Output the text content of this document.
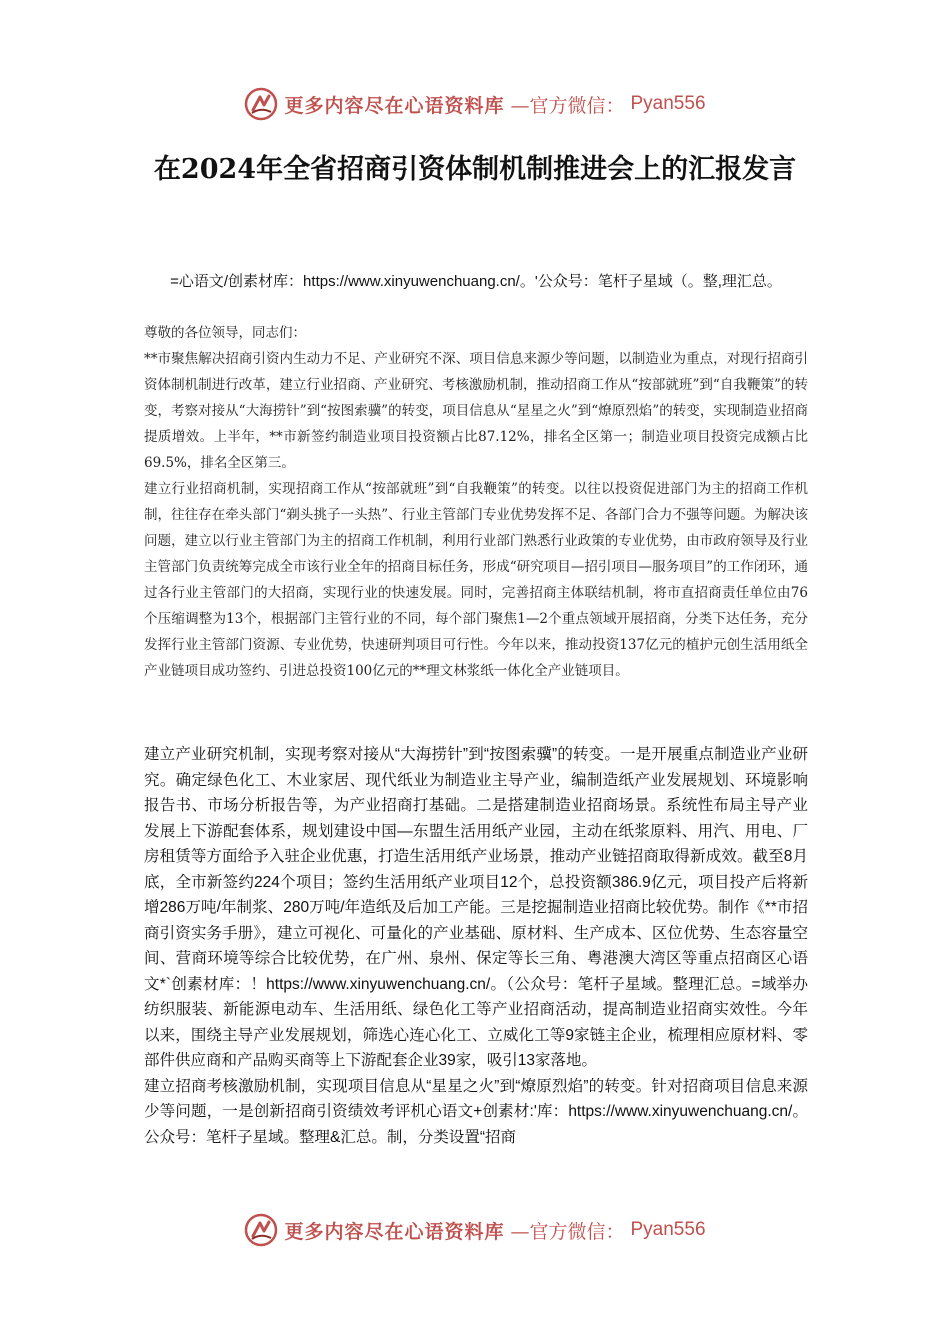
更多内容尽在心语资料库 —官方微信： Pyan556
在2024年全省招商引资体制机制推进会上的汇报发言

=心语文/创素材库：https://www.xinyuwenchuang.cn/。'公众号：笔杆子星域（。整,理汇总。

尊敬的各位领导，同志们：

**市聚焦解决招商引资内生动力不足、产业研究不深、项目信息来源少等问题，以制造业为重点，对现行招商引资体制机制进行改革，建立行业招商、产业研究、考核激励机制，推动招商工作从“按部就班”到“自我鞭策”的转变，考察对接从“大海捞针”到“按图索骥”的转变，项目信息从“星星之火”到“燎原烈焰”的转变，实现制造业招商提质增效。上半年，**市新签约制造业项目投资额占比87.12%，排名全区第一；制造业项目投资完成额占比69.5%，排名全区第三。

建立行业招商机制，实现招商工作从“按部就班”到“自我鞭策”的转变。以往以投资促进部门为主的招商工作机制，往往存在牵头部门“剃头挑子一头热”、行业主管部门专业优势发挥不足、各部门合力不强等问题。为解决该问题，建立以行业主管部门为主的招商工作机制，利用行业部门熟悉行业政策的专业优势，由市政府领导及行业主管部门负责统筹完成全市该行业全年的招商目标任务，形成“研究项目—招引项目—服务项目”的工作闭环，通过各行业主管部门的大招商，实现行业的快速发展。同时，完善招商主体联结机制，将市直招商责任单位由76个压缩调整为13个，根据部门主管行业的不同，每个部门聚焦1—2个重点领域开展招商，分类下达任务，充分发挥行业主管部门资源、专业优势，快速研判项目可行性。今年以来，推动投资137亿元的植护元创生活用纸全产业链项目成功签约、引进总投资100亿元的**理文林浆纸一体化全产业链项目。

建立产业研究机制，实现考察对接从“大海捞针”到“按图索骥”的转变。一是开展重点制造业产业研究。确定绿色化工、木业家居、现代纸业为制造业主导产业，编制造纸产业发展规划、环境影响报告书、市场分析报告等，为产业招商打基础。二是搭建制造业招商场景。系统性布局主导产业发展上下游配套体系，规划建设中国—东盟生活用纸产业园，主动在纸浆原料、用汽、用电、厂房租赁等方面给予入驻企业优惠，打造生活用纸产业场景，推动产业链招商取得新成效。截至8月底，全市新签约224个项目；签约生活用纸产业项目12个，总投资额386.9亿元，项目投产后将新增286万吨/年制浆、280万吨/年造纸及后加工产能。三是挖掘制造业招商比较优势。制作《**市招商引资实务手册》，建立可视化、可量化的产业基础、原材料、生产成本、区位优势、生态容量空间、营商环境等综合比较优势，在广州、泉州、保定等长三角、粤港澳大湾区等重点招商区心语文*`创素材库：！https://www.xinyuwenchuang.cn/。（公众号：笔杆子星域。整理汇总。=域举办纺织服装、新能源电动车、生活用纸、绿色化工等产业招商活动，提高制造业招商实效性。今年以来，围绕主导产业发展规划，筛选心连心化工、立威化工等9家链主企业，梳理相应原材料、零部件供应商和产品购买商等上下游配套企业39家，吸引13家落地。

建立招商考核激励机制，实现项目信息从“星星之火”到“燎原烈焰”的转变。针对招商项目信息来源少等问题，一是创新招商引资绩效考评机心语文+创素材:'库：https://www.xinyuwenchuang.cn/。公众号：笔杆子星域。整理&汇总。制，分类设置“招商

更多内容尽在心语资料库 —官方微信： Pyan556
